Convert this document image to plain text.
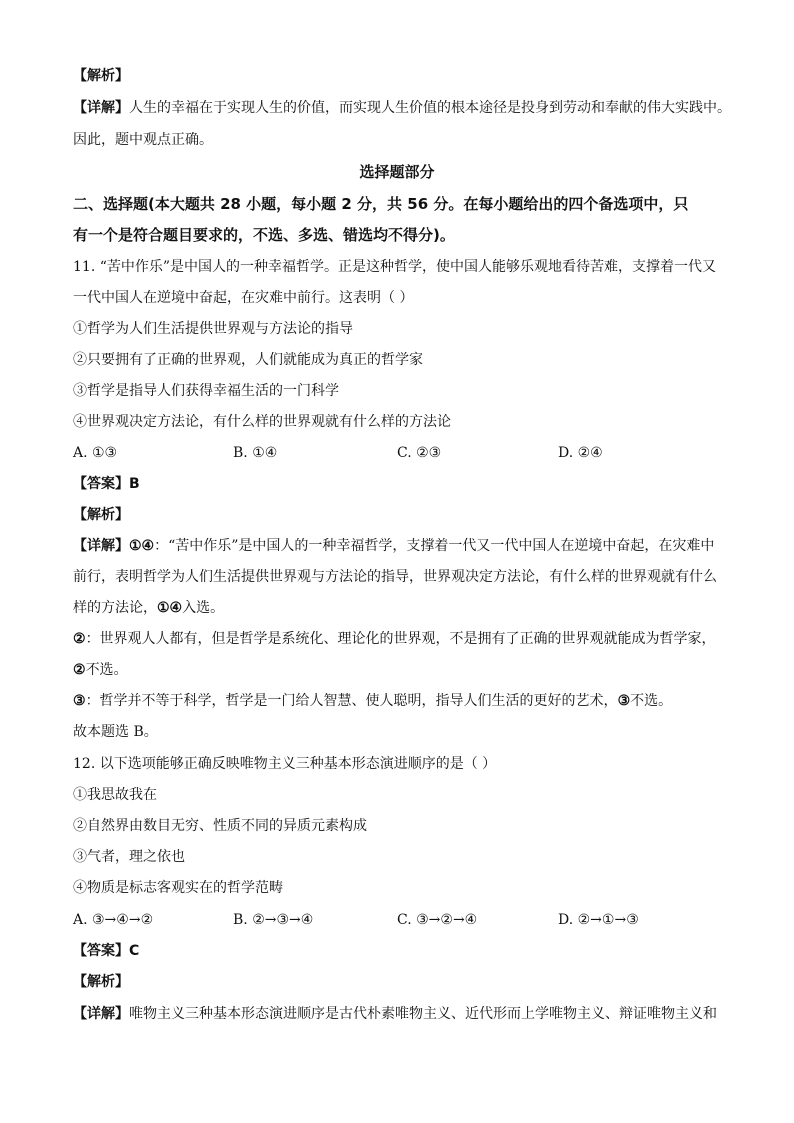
【解析】
【详解】人生的幸福在于实现人生的价值，而实现人生价值的根本途径是投身到劳动和奉献的伟大实践中。
因此，题中观点正确。
选择题部分
二、选择题(本大题共 28 小题，每小题 2 分，共 56 分。在每小题给出的四个备选项中，只
有一个是符合题目要求的，不选、多选、错选均不得分)。
11. “苦中作乐”是中国人的一种幸福哲学。正是这种哲学，使中国人能够乐观地看待苦难，支撑着一代又
一代中国人在逆境中奋起，在灾难中前行。这表明（ ）
①哲学为人们生活提供世界观与方法论的指导
②只要拥有了正确的世界观，人们就能成为真正的哲学家
③哲学是指导人们获得幸福生活的一门科学
④世界观决定方法论，有什么样的世界观就有什么样的方法论
A. ①③	B. ①④	C. ②③	D. ②④
【答案】B
【解析】
【详解】①④：“苦中作乐”是中国人的一种幸福哲学，支撑着一代又一代中国人在逆境中奋起，在灾难中
前行，表明哲学为人们生活提供世界观与方法论的指导，世界观决定方法论，有什么样的世界观就有什么
样的方法论，①④入选。
②：世界观人人都有，但是哲学是系统化、理论化的世界观，不是拥有了正确的世界观就能成为哲学家，
②不选。
③：哲学并不等于科学，哲学是一门给人智慧、使人聪明，指导人们生活的更好的艺术，③不选。
故本题选 B。
12. 以下选项能够正确反映唯物主义三种基本形态演进顺序的是（ ）
①我思故我在
②自然界由数目无穷、性质不同的异质元素构成
③气者，理之依也
④物质是标志客观实在的哲学范畴
A. ③→④→②	B. ②→③→④	C. ③→②→④	D. ②→①→③
【答案】C
【解析】
【详解】唯物主义三种基本形态演进顺序是古代朴素唯物主义、近代形而上学唯物主义、辩证唯物主义和
